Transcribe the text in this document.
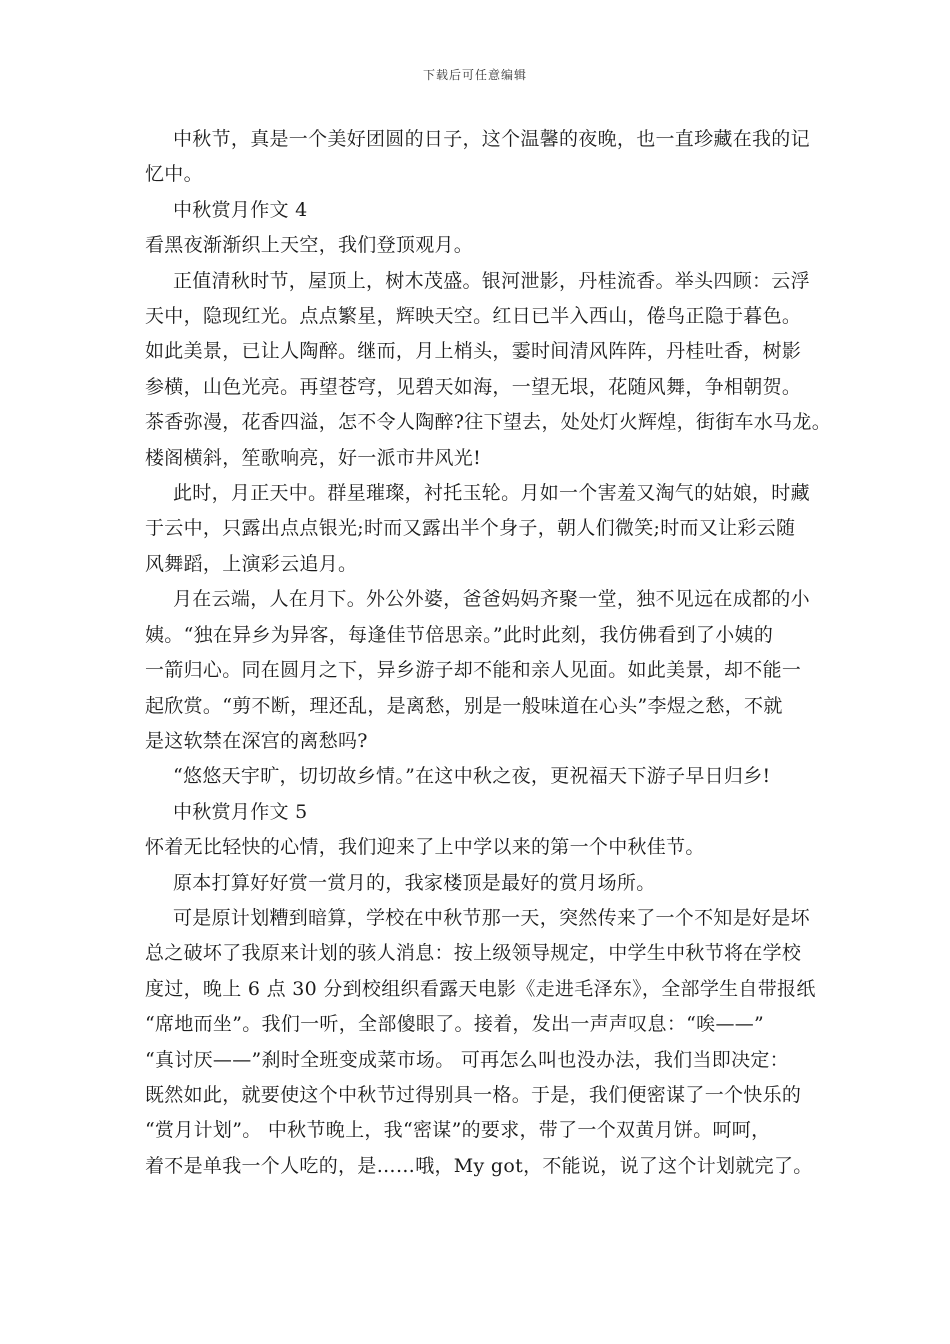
下载后可任意编辑

中秋节，真是一个美好团圆的日子，这个温馨的夜晚，也一直珍藏在我的记

忆中。

中秋赏月作文 4

看黑夜渐渐织上天空，我们登顶观月。

正值清秋时节，屋顶上，树木茂盛。银河泄影，丹桂流香。举头四顾：云浮

天中，隐现红光。点点繁星，辉映天空。红日已半入西山，倦鸟正隐于暮色。

如此美景，已让人陶醉。继而，月上梢头，霎时间清风阵阵，丹桂吐香，树影

参横，山色光亮。再望苍穹，见碧天如海，一望无垠，花随风舞，争相朝贺。

茶香弥漫，花香四溢，怎不令人陶醉?往下望去，处处灯火辉煌，街街车水马龙。

楼阁横斜，笙歌响亮，好一派市井风光!

此时，月正天中。群星璀璨，衬托玉轮。月如一个害羞又淘气的姑娘，时藏

于云中，只露出点点银光;时而又露出半个身子，朝人们微笑;时而又让彩云随

风舞蹈，上演彩云追月。

月在云端，人在月下。外公外婆，爸爸妈妈齐聚一堂，独不见远在成都的小

姨。“独在异乡为异客，每逢佳节倍思亲。”此时此刻，我仿佛看到了小姨的

一箭归心。同在圆月之下，异乡游子却不能和亲人见面。如此美景，却不能一

起欣赏。“剪不断，理还乱，是离愁，别是一般味道在心头”李煜之愁，不就

是这软禁在深宫的离愁吗?

“悠悠天宇旷，切切故乡情。”在这中秋之夜，更祝福天下游子早日归乡!

中秋赏月作文 5

怀着无比轻快的心情，我们迎来了上中学以来的第一个中秋佳节。

原本打算好好赏一赏月的，我家楼顶是最好的赏月场所。

可是原计划糟到暗算，学校在中秋节那一天，突然传来了一个不知是好是坏

总之破坏了我原来计划的骇人消息：按上级领导规定，中学生中秋节将在学校

度过，晚上 6 点 30 分到校组织看露天电影《走进毛泽东》，全部学生自带报纸

“席地而坐”。我们一听，全部傻眼了。接着，发出一声声叹息：“唉——”

“真讨厌——”刹时全班变成菜市场。 可再怎么叫也没办法，我们当即决定：

既然如此，就要使这个中秋节过得别具一格。于是，我们便密谋了一个快乐的

“赏月计划”。 中秋节晚上，我“密谋”的要求，带了一个双黄月饼。呵呵，

着不是单我一个人吃的，是……哦，My got，不能说，说了这个计划就完了。
